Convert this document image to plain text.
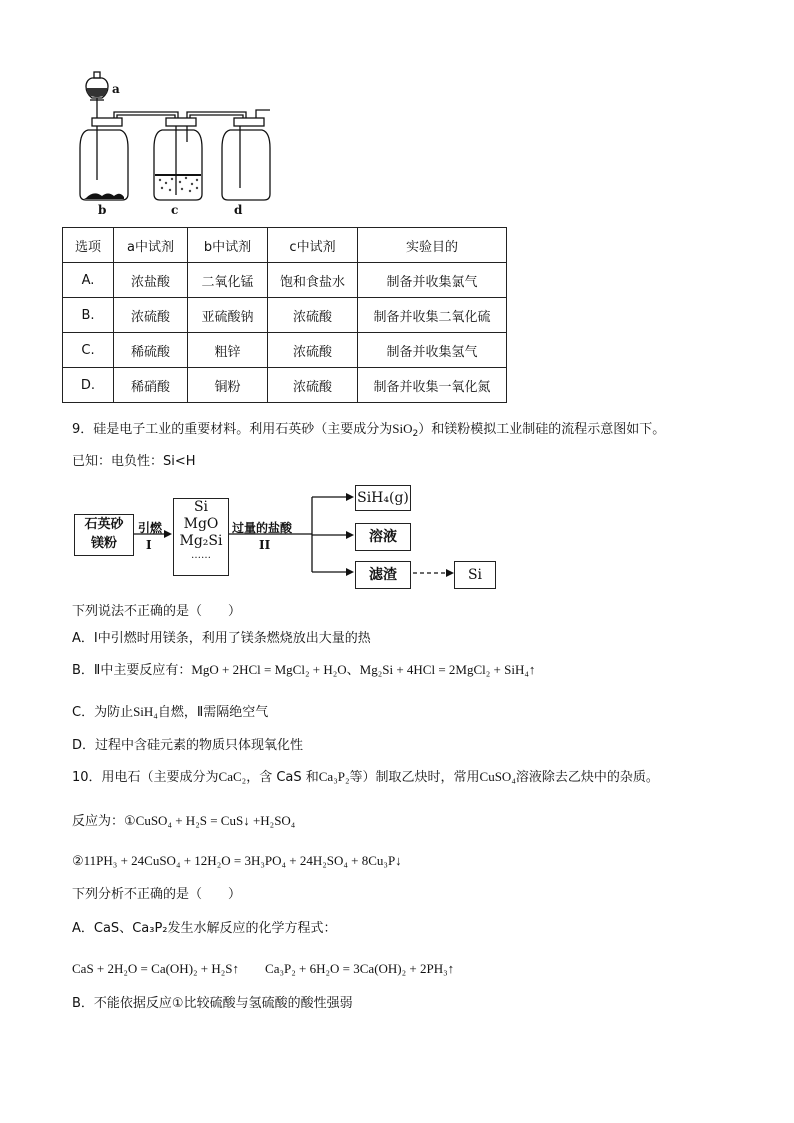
a
b	c	d
选项	a中试剂	b中试剂	c中试剂	实验目的
A.	浓盐酸	二氧化锰	饱和食盐水	制备并收集氯气
B.	浓硫酸	亚硫酸钠	浓硫酸	制备并收集二氧化硫
C.	稀硫酸	粗锌	浓硫酸	制备并收集氢气
D.	稀硝酸	铜粉	浓硫酸	制备并收集一氧化氮
9．硅是电子工业的重要材料。利用石英砂（主要成分为SiO$_2$）和镁粉模拟工业制硅的流程示意图如下。
已知：电负性：Si<H
石英砂
镁粉
引燃
I
Si
MgO
Mg₂Si
……
过量的盐酸
II
SiH₄(g)
溶液
滤渣	Si
下列说法不正确的是（　　）
A．Ⅰ中引燃时用镁条，利用了镁条燃烧放出大量的热
B．Ⅱ中主要反应有：MgO + 2HCl = MgCl₂ + H₂O、Mg₂Si + 4HCl = 2MgCl₂ + SiH₄↑
C．为防止SiH₄自燃，Ⅱ需隔绝空气
D．过程中含硅元素的物质只体现氧化性
10．用电石（主要成分为CaC₂，含 CaS 和Ca₃P₂等）制取乙炔时，常用CuSO₄溶液除去乙炔中的杂质。
反应为：①CuSO₄ + H₂S = CuS↓ +H₂SO₄
②11PH₃ + 24CuSO₄ + 12H₂O = 3H₃PO₄ + 24H₂SO₄ + 8Cu₃P↓
下列分析不正确的是（　　）
A．CaS、Ca₃P₂发生水解反应的化学方程式：
CaS + 2H₂O = Ca(OH)₂ + H₂S↑ Ca₃P₂ + 6H₂O = 3Ca(OH)₂ + 2PH₃↑
B．不能依据反应①比较硫酸与氢硫酸的酸性强弱
